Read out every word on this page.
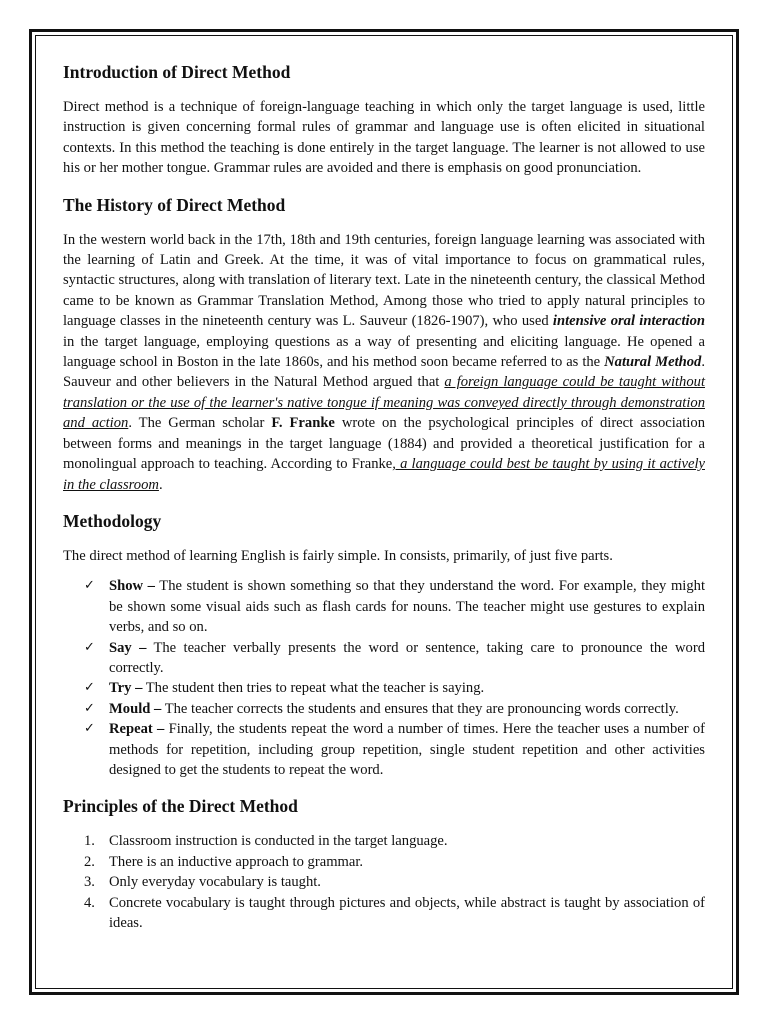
Introduction of Direct Method

Direct method is a technique of foreign-language teaching in which only the target language is used, little instruction is given concerning formal rules of grammar and language use is often elicited in situational contexts. In this method the teaching is done entirely in the target language. The learner is not allowed to use his or her mother tongue. Grammar rules are avoided and there is emphasis on good pronunciation.

The History of Direct Method

In the western world back in the 17th, 18th and 19th centuries, foreign language learning was associated with the learning of Latin and Greek. At the time, it was of vital importance to focus on grammatical rules, syntactic structures, along with translation of literary text. Late in the nineteenth century, the classical Method came to be known as Grammar Translation Method, Among those who tried to apply natural principles to language classes in the nineteenth century was L. Sauveur (1826-1907), who used intensive oral interaction in the target language, employing questions as a way of presenting and eliciting language. He opened a language school in Boston in the late 1860s, and his method soon became referred to as the Natural Method. Sauveur and other believers in the Natural Method argued that a foreign language could be taught without translation or the use of the learner's native tongue if meaning was conveyed directly through demonstration and action. The German scholar F. Franke wrote on the psychological principles of direct association between forms and meanings in the target language (1884) and provided a theoretical justification for a monolingual approach to teaching. According to Franke, a language could best be taught by using it actively in the classroom.

Methodology

The direct method of learning English is fairly simple. In consists, primarily, of just five parts.

✓ Show – The student is shown something so that they understand the word. For example, they might be shown some visual aids such as flash cards for nouns. The teacher might use gestures to explain verbs, and so on.
✓ Say – The teacher verbally presents the word or sentence, taking care to pronounce the word correctly.
✓ Try – The student then tries to repeat what the teacher is saying.
✓ Mould – The teacher corrects the students and ensures that they are pronouncing words correctly.
✓ Repeat – Finally, the students repeat the word a number of times. Here the teacher uses a number of methods for repetition, including group repetition, single student repetition and other activities designed to get the students to repeat the word.
Principles of the Direct Method
1. Classroom instruction is conducted in the target language.
2. There is an inductive approach to grammar.
3. Only everyday vocabulary is taught.
4. Concrete vocabulary is taught through pictures and objects, while abstract is taught by association of ideas.
